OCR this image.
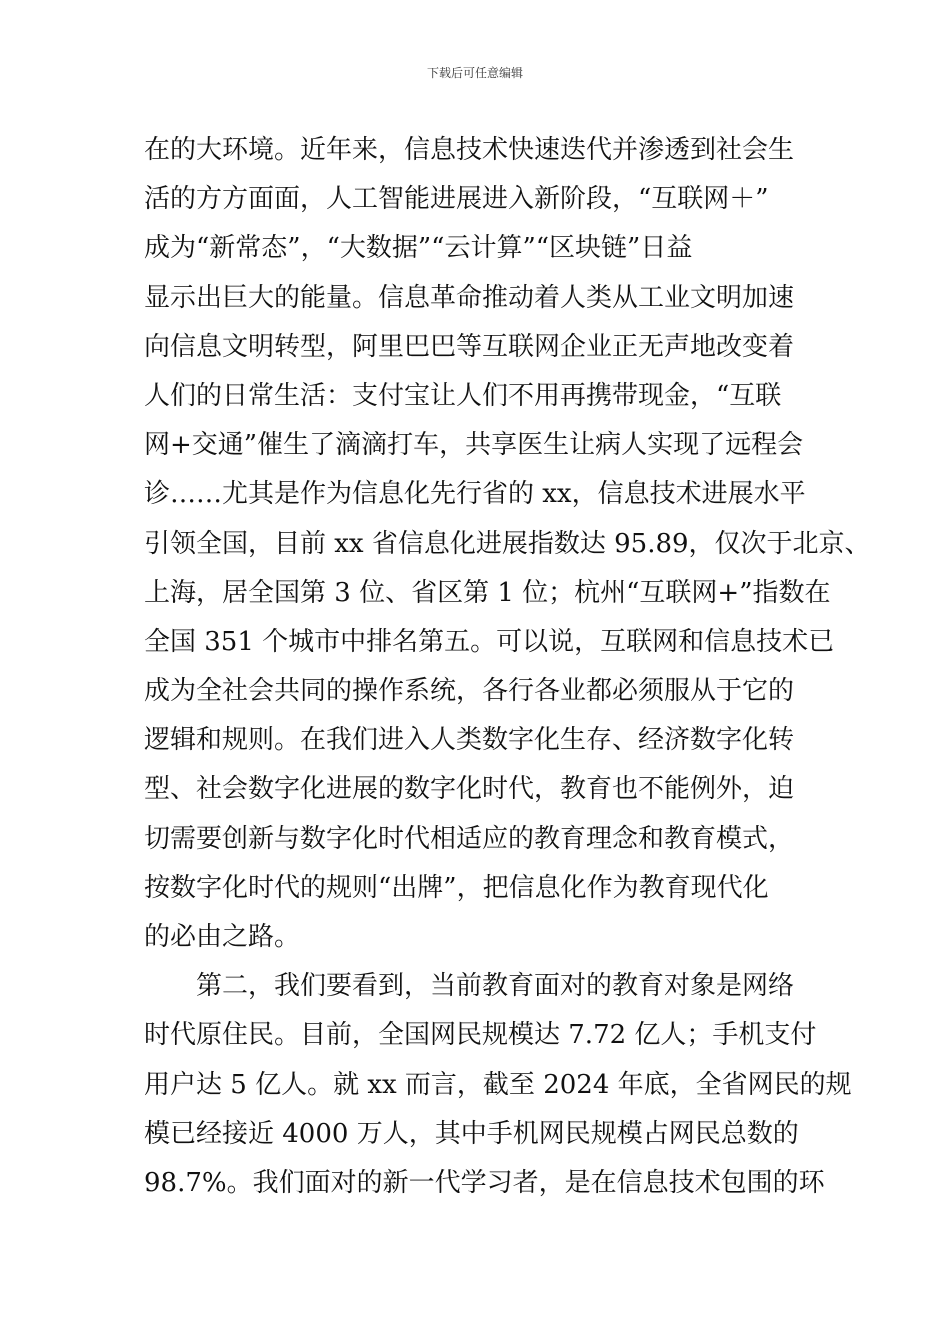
下载后可任意编辑
在的大环境。近年来，信息技术快速迭代并渗透到社会生
活的方方面面，人工智能进展进入新阶段，“互联网＋”
成为“新常态”，“大数据”“云计算”“区块链”日益
显示出巨大的能量。信息革命推动着人类从工业文明加速
向信息文明转型，阿里巴巴等互联网企业正无声地改变着
人们的日常生活：支付宝让人们不用再携带现金，“互联
网+交通”催生了滴滴打车，共享医生让病人实现了远程会
诊……尤其是作为信息化先行省的 xx，信息技术进展水平
引领全国，目前 xx 省信息化进展指数达 95.89，仅次于北京、
上海，居全国第 3 位、省区第 1 位；杭州“互联网+”指数在
全国 351 个城市中排名第五。可以说，互联网和信息技术已
成为全社会共同的操作系统，各行各业都必须服从于它的
逻辑和规则。在我们进入人类数字化生存、经济数字化转
型、社会数字化进展的数字化时代，教育也不能例外，迫
切需要创新与数字化时代相适应的教育理念和教育模式，
按数字化时代的规则“出牌”，把信息化作为教育现代化
的必由之路。
第二，我们要看到，当前教育面对的教育对象是网络
时代原住民。目前，全国网民规模达 7.72 亿人；手机支付
用户达 5 亿人。就 xx 而言，截至 2024 年底，全省网民的规
模已经接近 4000 万人，其中手机网民规模占网民总数的
98.7%。我们面对的新一代学习者，是在信息技术包围的环
